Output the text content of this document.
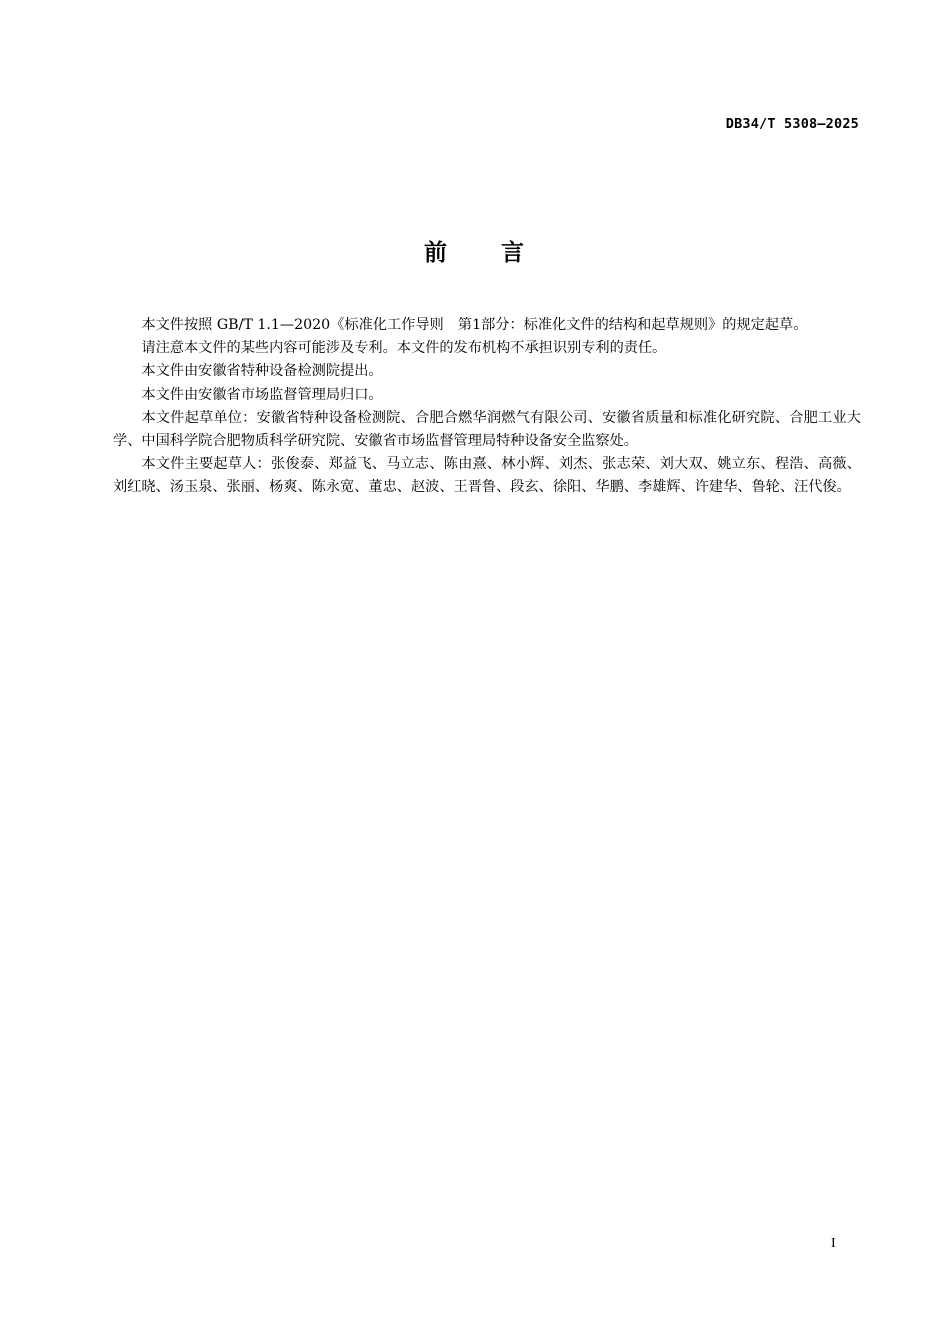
DB34/T 5308—2025
前 言

本文件按照 GB/T 1.1—2020《标准化工作导则　第1部分：标准化文件的结构和起草规则》的规定起草。

请注意本文件的某些内容可能涉及专利。本文件的发布机构不承担识别专利的责任。

本文件由安徽省特种设备检测院提出。

本文件由安徽省市场监督管理局归口。

本文件起草单位：安徽省特种设备检测院、合肥合燃华润燃气有限公司、安徽省质量和标准化研究院、合肥工业大学、中国科学院合肥物质科学研究院、安徽省市场监督管理局特种设备安全监察处。

本文件主要起草人：张俊泰、郑益飞、马立志、陈由熹、林小辉、刘杰、张志荣、刘大双、姚立东、程浩、高薇、刘红晓、汤玉泉、张丽、杨爽、陈永宽、董忠、赵波、王晋鲁、段玄、徐阳、华鹏、李雄辉、许建华、鲁轮、汪代俊。

I
